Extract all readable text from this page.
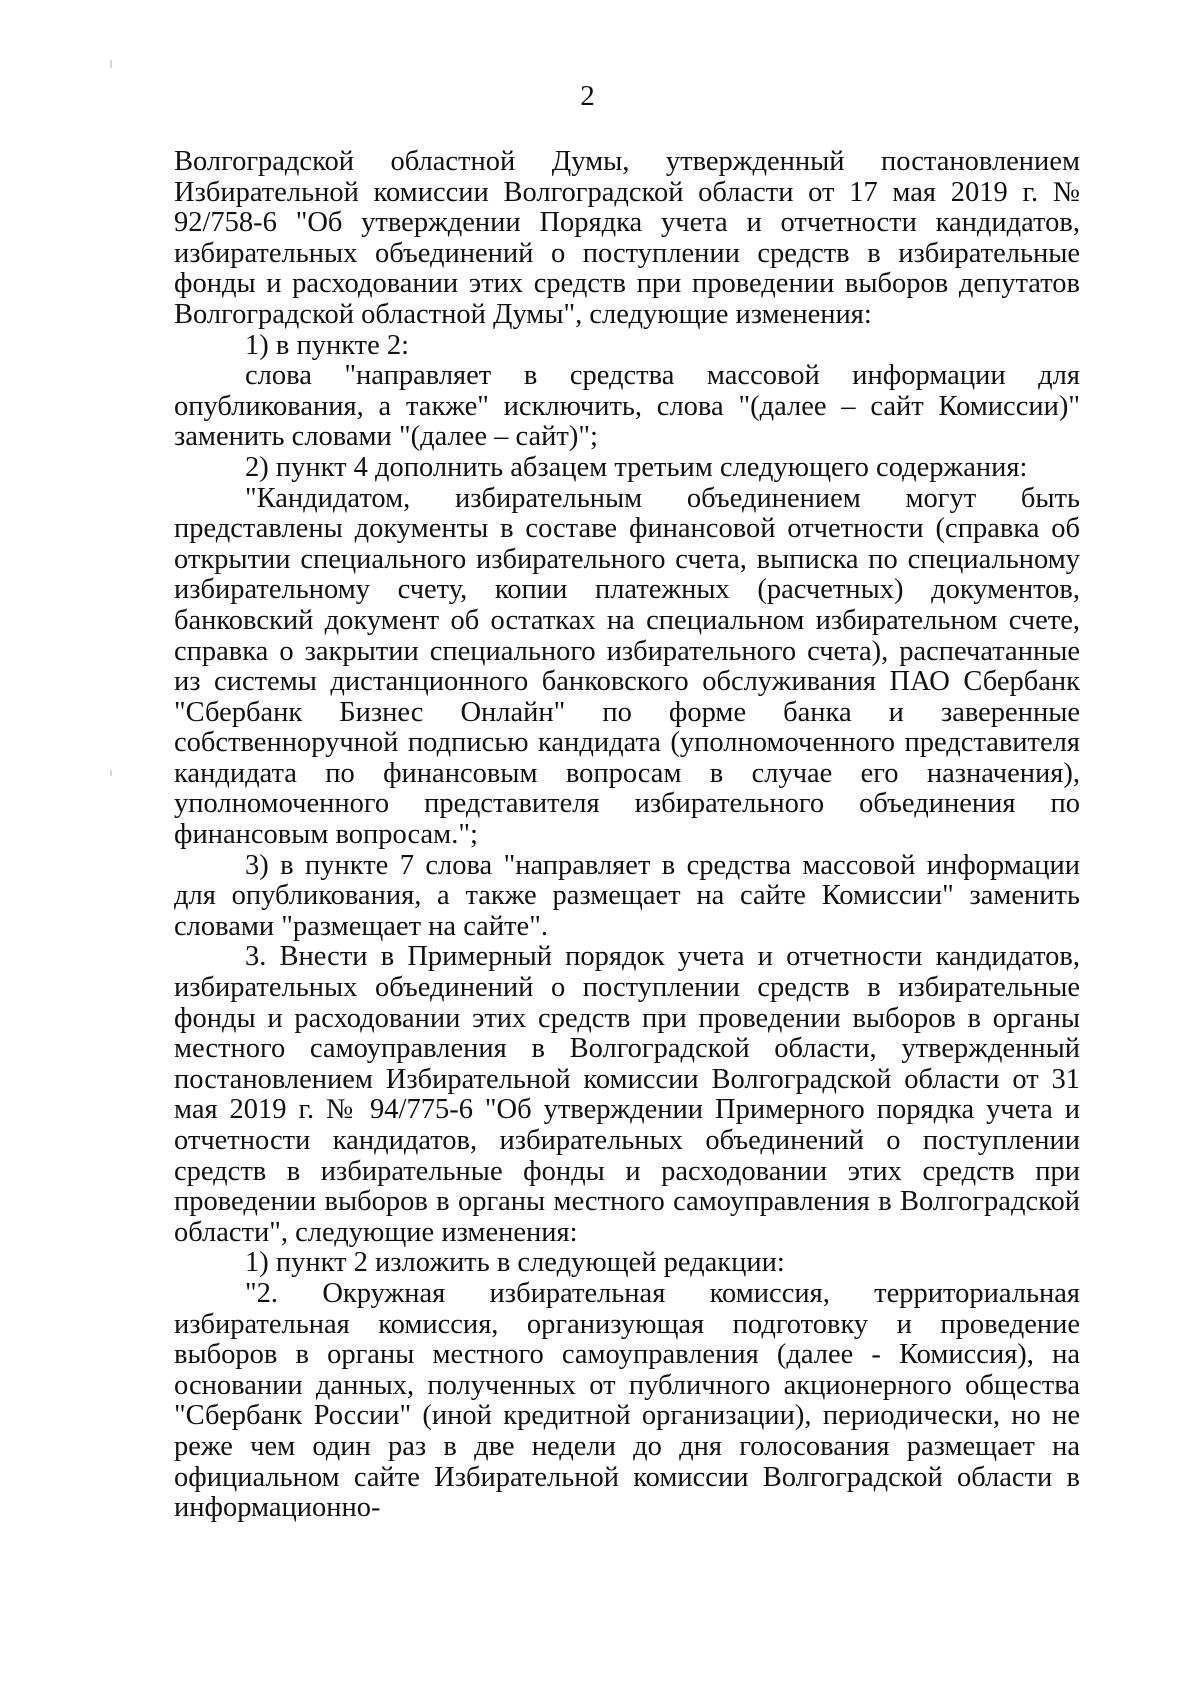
2

Волгоградской областной Думы, утвержденный постановлением Избирательной комиссии Волгоградской области от 17 мая 2019 г. № 92/758-6 "Об утверждении Порядка учета и отчетности кандидатов, избирательных объединений о поступлении средств в избирательные фонды и расходовании этих средств при проведении выборов депутатов Волгоградской областной Думы", следующие изменения:

1) в пункте 2:

слова "направляет в средства массовой информации для опубликования, а также" исключить, слова "(далее – сайт Комиссии)" заменить словами "(далее – сайт)";

2) пункт 4 дополнить абзацем третьим следующего содержания:

"Кандидатом, избирательным объединением могут быть представлены документы в составе финансовой отчетности (справка об открытии специального избирательного счета, выписка по специальному избирательному счету, копии платежных (расчетных) документов, банковский документ об остатках на специальном избирательном счете, справка о закрытии специального избирательного счета), распечатанные из системы дистанционного банковского обслуживания ПАО Сбербанк "Сбербанк Бизнес Онлайн" по форме банка и заверенные собственноручной подписью кандидата (уполномоченного представителя кандидата по финансовым вопросам в случае его назначения), уполномоченного представителя избирательного объединения по финансовым вопросам.";

3) в пункте 7 слова "направляет в средства массовой информации для опубликования, а также размещает на сайте Комиссии" заменить словами "размещает на сайте".

3. Внести в Примерный порядок учета и отчетности кандидатов, избирательных объединений о поступлении средств в избирательные фонды и расходовании этих средств при проведении выборов в органы местного самоуправления в Волгоградской области, утвержденный постановлением Избирательной комиссии Волгоградской области от 31 мая 2019 г. № 94/775-6 "Об утверждении Примерного порядка учета и отчетности кандидатов, избирательных объединений о поступлении средств в избирательные фонды и расходовании этих средств при проведении выборов в органы местного самоуправления в Волгоградской области", следующие изменения:

1) пункт 2 изложить в следующей редакции:

"2. Окружная избирательная комиссия, территориальная избирательная комиссия, организующая подготовку и проведение выборов в органы местного самоуправления (далее - Комиссия), на основании данных, полученных от публичного акционерного общества "Сбербанк России" (иной кредитной организации), периодически, но не реже чем один раз в две недели до дня голосования размещает на официальном сайте Избирательной комиссии Волгоградской области в информационно-
